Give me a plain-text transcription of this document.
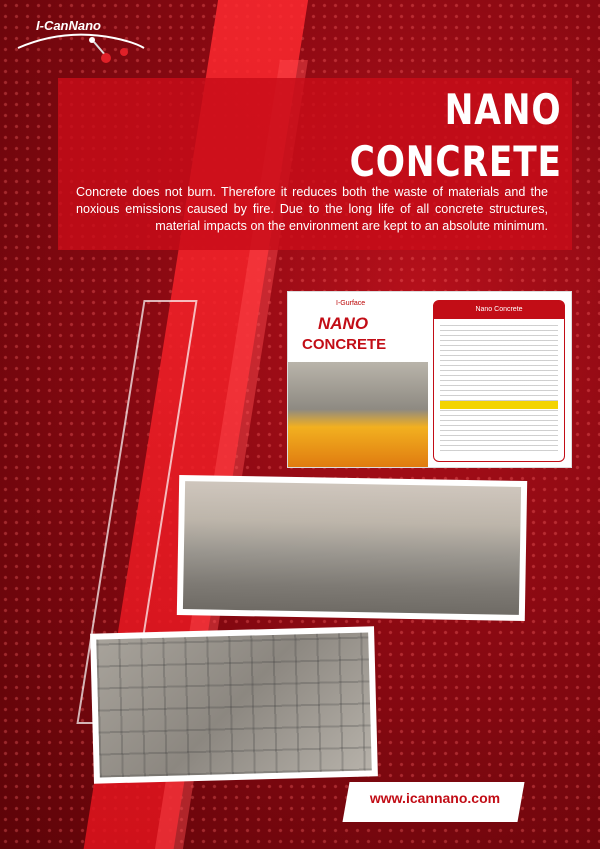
I-CanNano
NANO
CONCRETE
Concrete does not burn. Therefore it reduces both the waste of materials and the noxious emissions caused by fire. Due to the long life of all concrete structures, material impacts on the environment are kept to an absolute minimum.
I-Gurface
NANO
CONCRETE
Nano Concrete
www.icannano.com
